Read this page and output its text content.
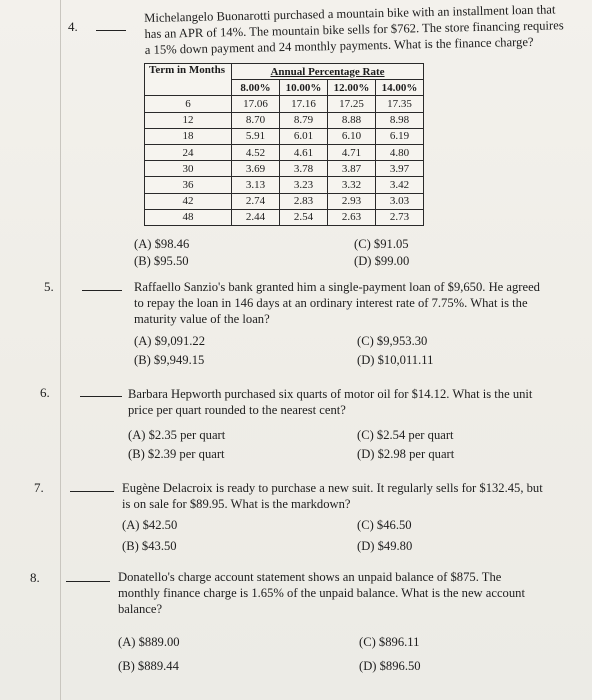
4.
Michelangelo Buonarotti purchased a mountain bike with an installment loan that
has an APR of 14%. The mountain bike sells for $762. The store financing requires
a 15% down payment and 24 monthly payments. What is the finance charge?
Term in Months	Annual Percentage Rate			
	8.00%	10.00%	12.00%	14.00%
6	17.06	17.16	17.25	17.35
12	8.70	8.79	8.88	8.98
18	5.91	6.01	6.10	6.19
24	4.52	4.61	4.71	4.80
30	3.69	3.78	3.87	3.97
36	3.13	3.23	3.32	3.42
42	2.74	2.83	2.93	3.03
48	2.44	2.54	2.63	2.73
(A) $98.46	(C) $91.05
(B) $95.50	(D) $99.00
5.	Raffaello Sanzio's bank granted him a single-payment loan of $9,650. He agreed
to repay the loan in 146 days at an ordinary interest rate of 7.75%. What is the
maturity value of the loan?
(A) $9,091.22	(C) $9,953.30
(B) $9,949.15	(D) $10,011.11
6.	Barbara Hepworth purchased six quarts of motor oil for $14.12. What is the unit
price per quart rounded to the nearest cent?
(A) $2.35 per quart	(C) $2.54 per quart
(B) $2.39 per quart	(D) $2.98 per quart
7.	Eugène Delacroix is ready to purchase a new suit. It regularly sells for $132.45, but
is on sale for $89.95. What is the markdown?
(A) $42.50	(C) $46.50
(B) $43.50	(D) $49.80
8.	Donatello's charge account statement shows an unpaid balance of $875. The
monthly finance charge is 1.65% of the unpaid balance. What is the new account
balance?
(A) $889.00	(C) $896.11
(B) $889.44	(D) $896.50
